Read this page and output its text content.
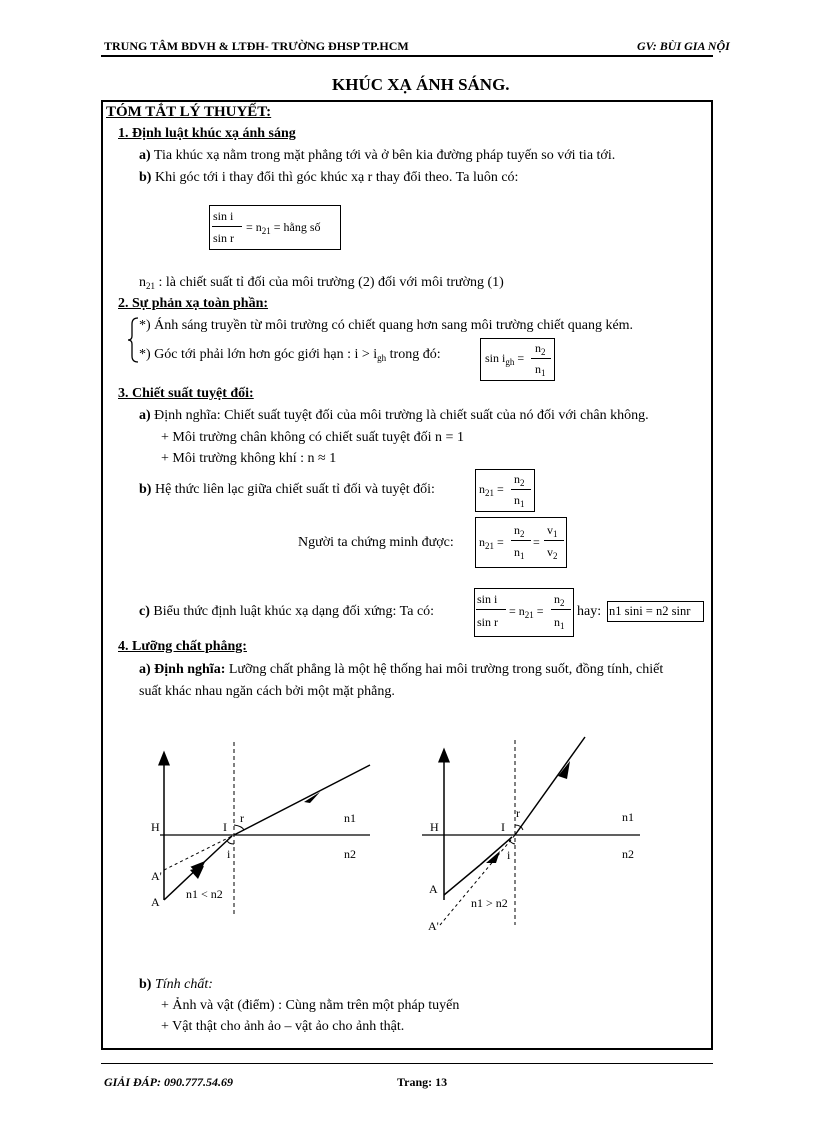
TRUNG TÂM BDVH & LTĐH- TRƯỜNG ĐHSP TP.HCM	GV: BÙI GIA NỘI
KHÚC XẠ ÁNH SÁNG.
TÓM TẮT LÝ THUYẾT:
1. Định luật khúc xạ ánh sáng
a) Tia khúc xạ nằm trong mặt phẳng tới và ở bên kia đường pháp tuyến so với tia tới.
b) Khi góc tới i thay đổi thì góc khúc xạ r thay đổi theo. Ta luôn có:
sin i
sin r
= $n_{21}$ = hằng số
$n_{21}$ : là chiết suất tỉ đối của môi trường (2) đối với môi trường (1)
2. Sự phản xạ toàn phần:
*) Ánh sáng truyền từ môi trường có chiết quang hơn sang môi trường chiết quang kém.
*) Góc tới phải lớn hơn góc giới hạn : $i > i_{gh}$ trong đó:	$\sin i_{gh}$ =
$n_2$
$n_1$
3. Chiết suất tuyệt đối:
a) Định nghĩa: Chiết suất tuyệt đối của môi trường là chiết suất của nó đối với chân không.
+ Môi trường chân không có chiết suất tuyệt đối n = 1
+ Môi trường không khí : n ≈ 1
b) Hệ thức liên lạc giữa chiết suất tỉ đối và tuyệt đối:	$n_{21}$ =
$n_2$
$n_1$
Người ta chứng minh được: $n_{21}$ =
$n_2$
$n_1$
=
$v_1$
$v_2$
c) Biểu thức định luật khúc xạ dạng đối xứng: Ta có:
sin i
sin r
= $n_{21}$ =
$n_2$
$n_1$
hay: n1 sini = n2 sinr
4. Lưỡng chất phẳng:
a) Định nghĩa: Lưỡng chất phẳng là một hệ thống hai môi trường trong suốt, đồng tính, chiết
suất khác nhau ngăn cách bởi một mặt phẳng.
H	I
r
i
n1
n2
A'
A
n1 < n2
H	I
r
i
n1
n2
A
A'
n1 > n2
b) Tính chất:
+ Ảnh và vật (điểm) : Cùng nằm trên một pháp tuyến
+ Vật thật cho ảnh ảo – vật ảo cho ảnh thật.
GIẢI ĐÁP: 090.777.54.69	Trang: 13
